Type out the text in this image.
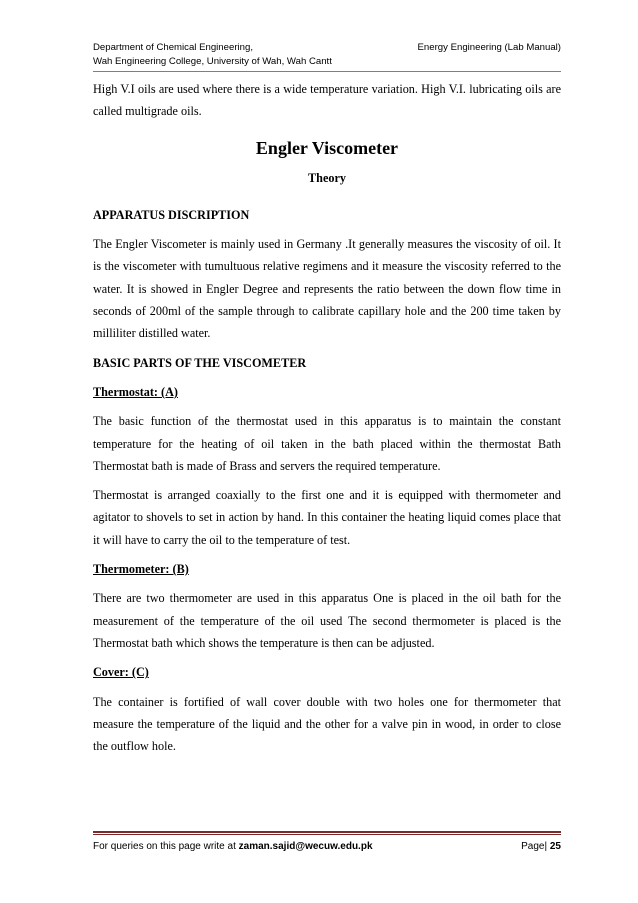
Department of Chemical Engineering,	Energy Engineering (Lab Manual)
Wah Engineering College, University of Wah, Wah Cantt

High V.I oils are used where there is a wide temperature variation. High V.I. lubricating oils are called multigrade oils.

Engler Viscometer
Theory

APPARATUS DISCRIPTION

The Engler Viscometer is mainly used in Germany .It generally measures the viscosity of oil. It is the viscometer with tumultuous relative regimens and it measure the viscosity referred to the water. It is showed in Engler Degree and represents the ratio between the down flow time in seconds of 200ml of the sample through to calibrate capillary hole and the 200 time taken by milliliter distilled water.

BASIC PARTS OF THE VISCOMETER

Thermostat: (A)

The basic function of the thermostat used in this apparatus is to maintain the constant temperature for the heating of oil taken in the bath placed within the thermostat Bath Thermostat bath is made of Brass and servers the required temperature.

Thermostat is arranged coaxially to the first one and it is equipped with thermometer and agitator to shovels to set in action by hand. In this container the heating liquid comes place that it will have to carry the oil to the temperature of test.

Thermometer: (B)

There are two thermometer are used in this apparatus One is placed in the oil bath for the measurement of the temperature of the oil used The second thermometer is placed is the Thermostat bath which shows the temperature is then can be adjusted.

Cover: (C)

The container is fortified of wall cover double with two holes one for thermometer that measure the temperature of the liquid and the other for a valve pin in wood, in order to close the outflow hole.

For queries on this page write at zaman.sajid@wecuw.edu.pk	Page| 25
